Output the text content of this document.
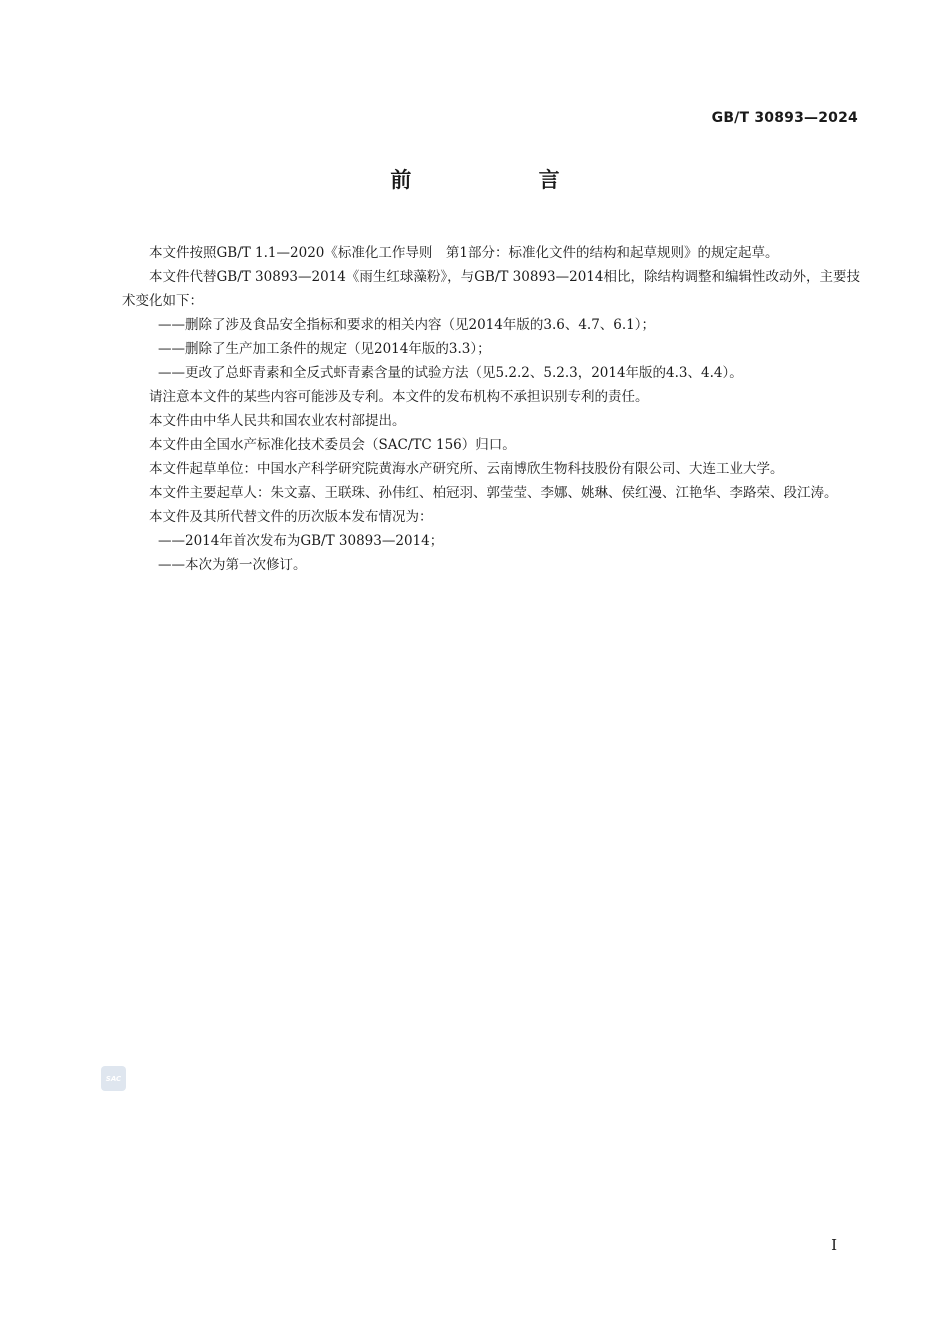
GB/T 30893—2024
前 言

本文件按照GB/T 1.1—2020《标准化工作导则　第1部分：标准化文件的结构和起草规则》的规定起草。

本文件代替GB/T 30893—2014《雨生红球藻粉》，与GB/T 30893—2014相比，除结构调整和编辑性改动外，主要技术变化如下：

——删除了涉及食品安全指标和要求的相关内容（见2014年版的3.6、4.7、6.1）；

——删除了生产加工条件的规定（见2014年版的3.3）；

——更改了总虾青素和全反式虾青素含量的试验方法（见5.2.2、5.2.3，2014年版的4.3、4.4）。

请注意本文件的某些内容可能涉及专利。本文件的发布机构不承担识别专利的责任。

本文件由中华人民共和国农业农村部提出。

本文件由全国水产标准化技术委员会（SAC/TC 156）归口。

本文件起草单位：中国水产科学研究院黄海水产研究所、云南博欣生物科技股份有限公司、大连工业大学。

本文件主要起草人：朱文嘉、王联珠、孙伟红、柏冠羽、郭莹莹、李娜、姚琳、侯红漫、江艳华、李路荣、段江涛。

本文件及其所代替文件的历次版本发布情况为：

——2014年首次发布为GB/T 30893—2014；

——本次为第一次修订。

SAC
I
